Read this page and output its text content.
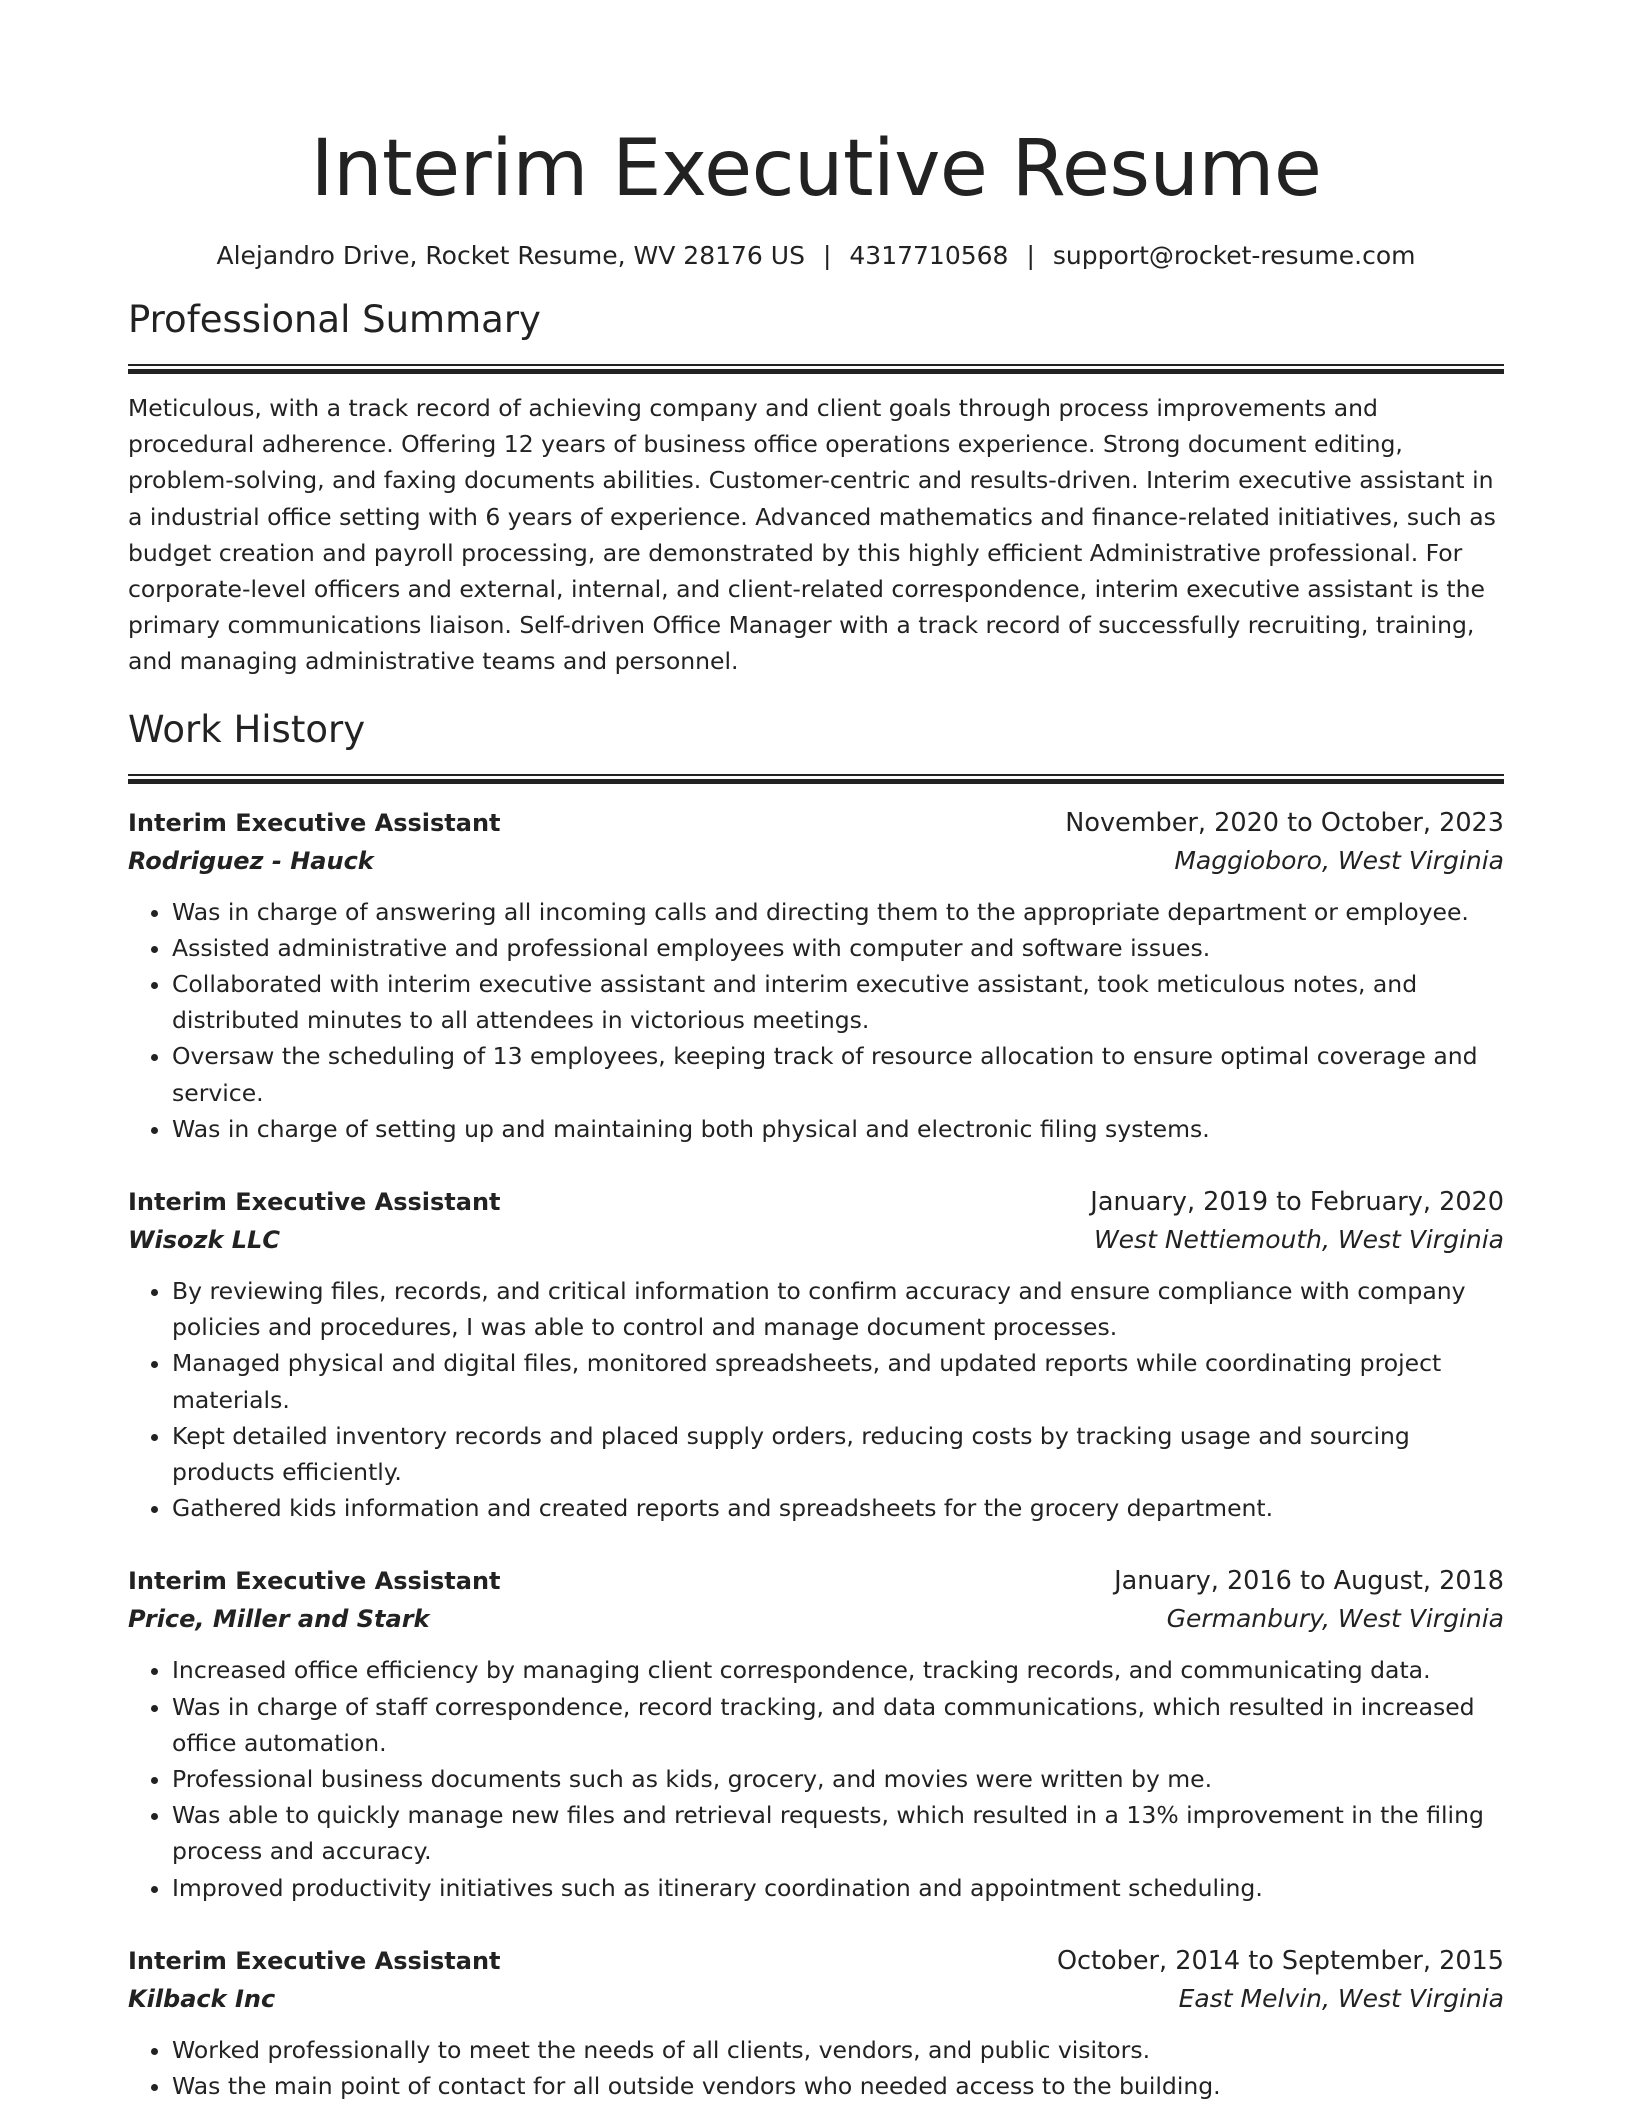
Interim Executive Resume
Alejandro Drive, Rocket Resume, WV 28176 US | 4317710568 | support@rocket-resume.com
Professional Summary

Meticulous, with a track record of achieving company and client goals through process improvements and procedural adherence. Offering 12 years of business office operations experience. Strong document editing, problem-solving, and faxing documents abilities. Customer-centric and results-driven. Interim executive assistant in a industrial office setting with 6 years of experience. Advanced mathematics and finance-related initiatives, such as budget creation and payroll processing, are demonstrated by this highly efficient Administrative professional. For corporate-level officers and external, internal, and client-related correspondence, interim executive assistant is the primary communications liaison. Self-driven Office Manager with a track record of successfully recruiting, training, and managing administrative teams and personnel.

Work History
Interim Executive Assistant	November, 2020 to October, 2023
Rodriguez - Hauck	Maggioboro, West Virginia
• Was in charge of answering all incoming calls and directing them to the appropriate department or employee.
• Assisted administrative and professional employees with computer and software issues.
• Collaborated with interim executive assistant and interim executive assistant, took meticulous notes, and distributed minutes to all attendees in victorious meetings.
• Oversaw the scheduling of 13 employees, keeping track of resource allocation to ensure optimal coverage and service.
• Was in charge of setting up and maintaining both physical and electronic filing systems.
Interim Executive Assistant	January, 2019 to February, 2020
Wisozk LLC	West Nettiemouth, West Virginia
• By reviewing files, records, and critical information to confirm accuracy and ensure compliance with company policies and procedures, I was able to control and manage document processes.
• Managed physical and digital files, monitored spreadsheets, and updated reports while coordinating project materials.
• Kept detailed inventory records and placed supply orders, reducing costs by tracking usage and sourcing products efficiently.
• Gathered kids information and created reports and spreadsheets for the grocery department.
Interim Executive Assistant	January, 2016 to August, 2018
Price, Miller and Stark	Germanbury, West Virginia
• Increased office efficiency by managing client correspondence, tracking records, and communicating data.
• Was in charge of staff correspondence, record tracking, and data communications, which resulted in increased office automation.
• Professional business documents such as kids, grocery, and movies were written by me.
• Was able to quickly manage new files and retrieval requests, which resulted in a 13% improvement in the filing process and accuracy.
• Improved productivity initiatives such as itinerary coordination and appointment scheduling.
Interim Executive Assistant	October, 2014 to September, 2015
Kilback Inc	East Melvin, West Virginia
• Worked professionally to meet the needs of all clients, vendors, and public visitors.
• Was the main point of contact for all outside vendors who needed access to the building.
